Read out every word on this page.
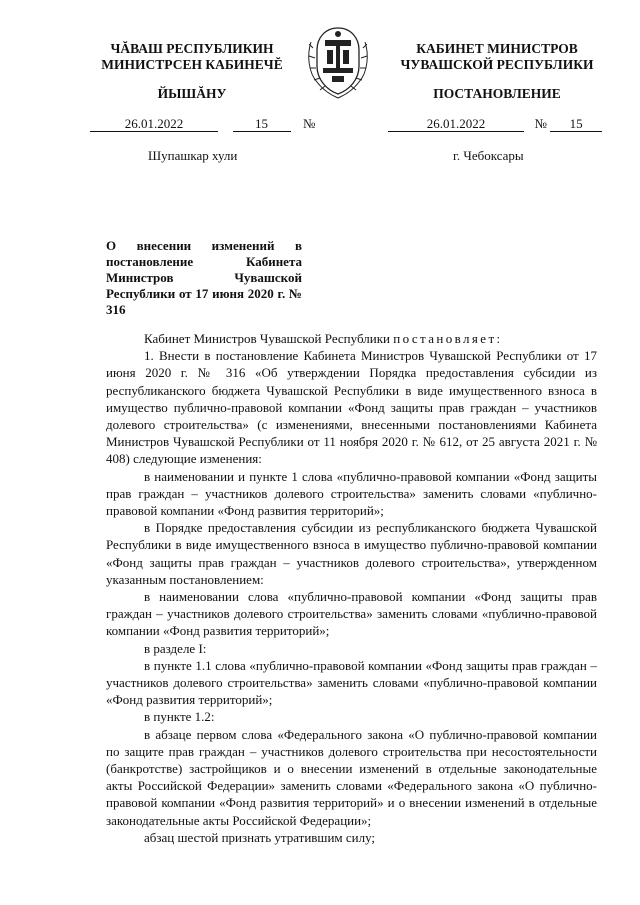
ЧĂВАШ РЕСПУБЛИКИН
МИНИСТРСЕН КАБИНЕЧĔ
ЙЫШĂНУ
КАБИНЕТ МИНИСТРОВ
ЧУВАШСКОЙ РЕСПУБЛИКИ
ПОСТАНОВЛЕНИЕ
26.01.2022	15	№	26.01.2022	№ 15
Шупашкар хули	г. Чебоксары
О внесении изменений в постановление Кабинета Министров Чувашской Республики от 17 июня 2020 г. № 316

Кабинет Министров Чувашской Республики постановляет:

1. Внести в постановление Кабинета Министров Чувашской Республики от 17 июня 2020 г. № 316 «Об утверждении Порядка предоставления субсидии из республиканского бюджета Чувашской Республики в виде имущественного взноса в имущество публично-правовой компании «Фонд защиты прав граждан – участников долевого строительства» (с изменениями, внесенными постановлениями Кабинета Министров Чувашской Республики от 11 ноября 2020 г. № 612, от 25 августа 2021 г. № 408) следующие изменения:

в наименовании и пункте 1 слова «публично-правовой компании «Фонд защиты прав граждан – участников долевого строительства» заменить словами «публично-правовой компании «Фонд развития территорий»;

в Порядке предоставления субсидии из республиканского бюджета Чувашской Республики в виде имущественного взноса в имущество публично-правовой компании «Фонд защиты прав граждан – участников долевого строительства», утвержденном указанным постановлением:

в наименовании слова «публично-правовой компании «Фонд защиты прав граждан – участников долевого строительства» заменить словами «публично-правовой компании «Фонд развития территорий»;

в разделе I:

в пункте 1.1 слова «публично-правовой компании «Фонд защиты прав граждан – участников долевого строительства» заменить словами «публично-правовой компании «Фонд развития территорий»;

в пункте 1.2:

в абзаце первом слова «Федерального закона «О публично-правовой компании по защите прав граждан – участников долевого строительства при несостоятельности (банкротстве) застройщиков и о внесении изменений в отдельные законодательные акты Российской Федерации» заменить словами «Федерального закона «О публично-правовой компании «Фонд развития территорий» и о внесении изменений в отдельные законодательные акты Российской Федерации»;

абзац шестой признать утратившим силу;
